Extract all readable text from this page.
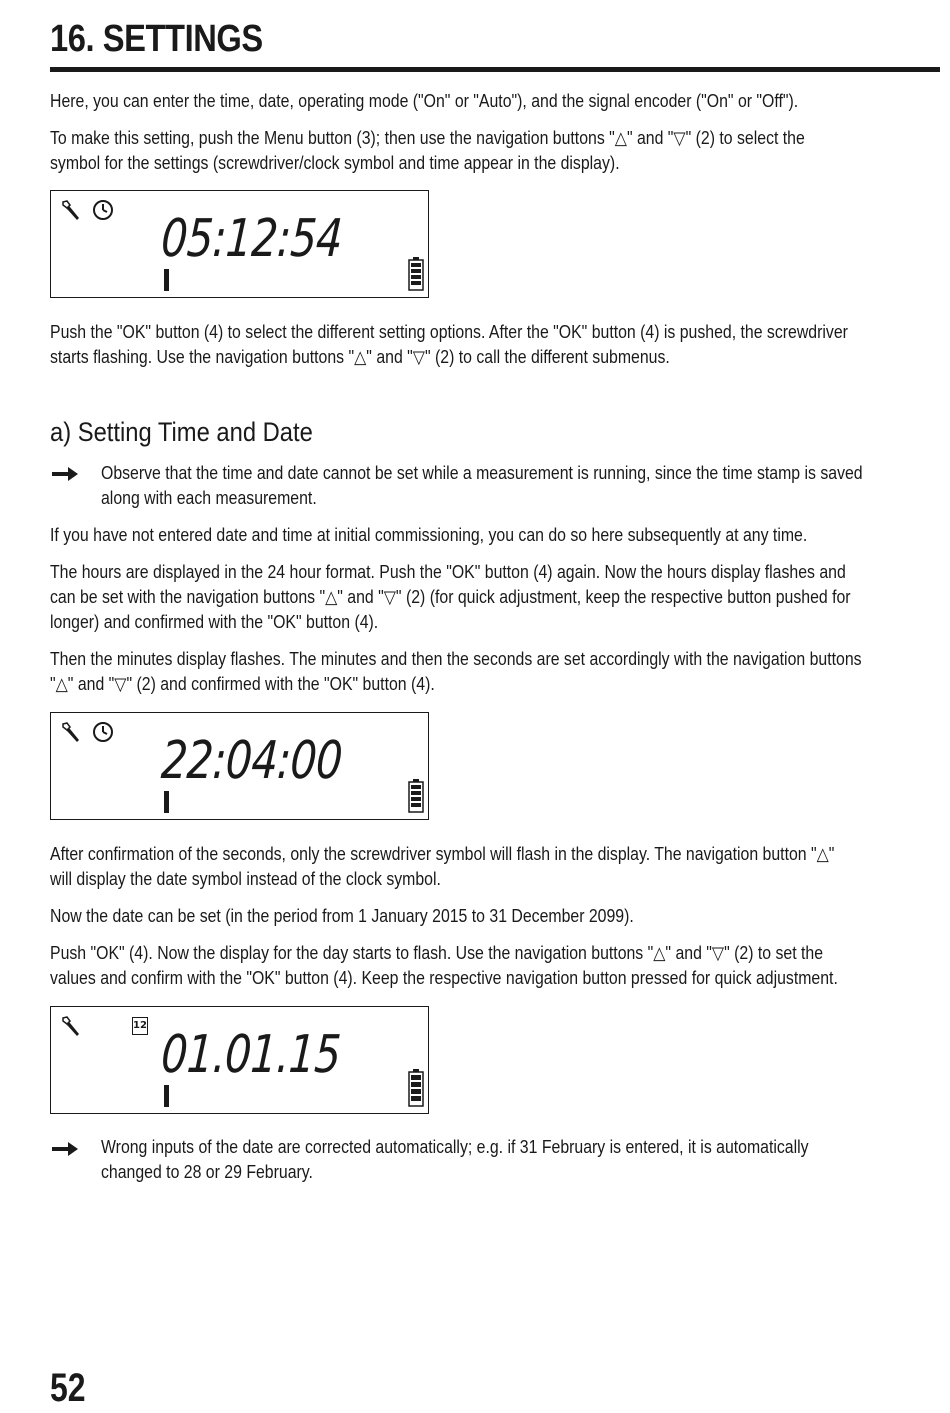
16. SETTINGS

Here, you can enter the time, date, operating mode ("On" or "Auto"), and the signal encoder ("On" or "Off").

To make this setting, push the Menu button (3); then use the navigation buttons "△" and "▽" (2) to select the

symbol for the settings (screwdriver/clock symbol and time appear in the display).

05:12:54

Push the "OK" button (4) to select the different setting options. After the "OK" button (4) is pushed, the screwdriver

starts flashing. Use the navigation buttons "△" and "▽" (2) to call the different submenus.

a) Setting Time and Date

Observe that the time and date cannot be set while a measurement is running, since the time stamp is saved

along with each measurement.

If you have not entered date and time at initial commissioning, you can do so here subsequently at any time.

The hours are displayed in the 24 hour format. Push the "OK" button (4) again. Now the hours display flashes and

can be set with the navigation buttons "△" and "▽" (2) (for quick adjustment, keep the respective button pushed for

longer) and confirmed with the "OK" button (4).

Then the minutes display flashes. The minutes and then the seconds are set accordingly with the navigation buttons

"△" and "▽" (2) and confirmed with the "OK" button (4).

22:04:00

After confirmation of the seconds, only the screwdriver symbol will flash in the display. The navigation button "△"

will display the date symbol instead of the clock symbol.

Now the date can be set (in the period from 1 January 2015 to 31 December 2099).

Push "OK" (4). Now the display for the day starts to flash. Use the navigation buttons "△" and "▽" (2) to set the

values and confirm with the "OK" button (4). Keep the respective navigation button pressed for quick adjustment.

12 01.01.15

Wrong inputs of the date are corrected automatically; e.g. if 31 February is entered, it is automatically

changed to 28 or 29 February.

52
